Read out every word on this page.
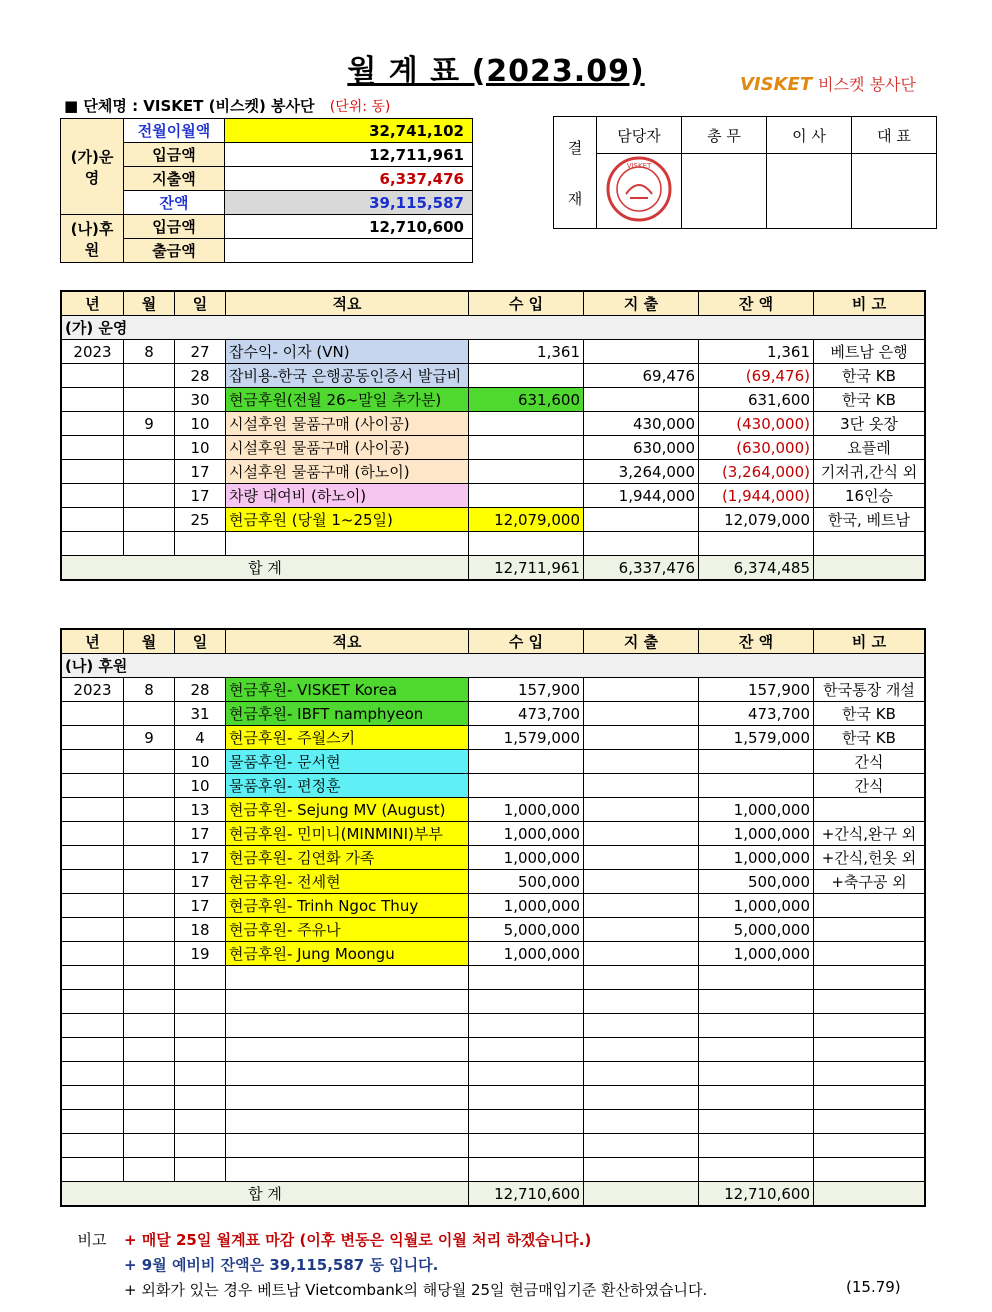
월 계 표 (2023.09)	VISKET 비스켓 봉사단
■ 단체명 : VISKET (비스켓) 봉사단 (단위: 동)
(가)운영	전월이월액	32,741,102
	입금액	12,711,961
	지출액	6,337,476
	잔액	39,115,587
(나)후원	입금액	12,710,600
	출금액	
결
재	담당자	총 무	이 사	대 표

VISKET			

년	월	일	적요	수 입	지 출	잔 액	비 고
(가) 운영							
2023	8	27	잡수익- 이자 (VN)	1,361		1,361	베트남 은행
		28	잡비용-한국 은행공동인증서 발급비		69,476	(69,476)	한국 KB
		30	현금후원(전월 26~말일 추가분)	631,600		631,600	한국 KB
	9	10	시설후원 물품구매 (사이공)		430,000	(430,000)	3단 옷장
		10	시설후원 물품구매 (사이공)		630,000	(630,000)	요플레
		17	시설후원 물품구매 (하노이)		3,264,000	(3,264,000)	기저귀,간식 외
		17	차량 대여비 (하노이)		1,944,000	(1,944,000)	16인승
		25	현금후원 (당월 1~25일)	12,079,000		12,079,000	한국, 베트남

합 계				12,711,961	6,337,476	6,374,485	
년	월	일	적요	수 입	지 출	잔 액	비 고
(나) 후원							
2023	8	28	현금후원- VISKET Korea	157,900		157,900	한국통장 개설
		31	현금후원- IBFT namphyeon	473,700		473,700	한국 KB
	9	4	현금후원- 주월스키	1,579,000		1,579,000	한국 KB
		10	물품후원- 문서현				간식
		10	물품후원- 편정훈				간식
		13	현금후원- Sejung MV (August)	1,000,000		1,000,000	
		17	현금후원- 민미니(MINMINI)부부	1,000,000		1,000,000	+간식,완구 외
		17	현금후원- 김연화 가족	1,000,000		1,000,000	+간식,헌옷 외
		17	현금후원- 전세현	500,000		500,000	+축구공 외
		17	현금후원- Trinh Ngoc Thuy	1,000,000		1,000,000	
		18	현금후원- 주유나	5,000,000		5,000,000	
		19	현금후원- Jung Moongu	1,000,000		1,000,000	

합 계				12,710,600		12,710,600	
비고 + 매달 25일 월계표 마감 (이후 변동은 익월로 이월 처리 하겠습니다.)
+ 9월 예비비 잔액은 39,115,587 동 입니다.
+ 외화가 있는 경우 베트남 Vietcombank의 해당월 25일 현금매입기준 환산하였습니다.	(15.79)
